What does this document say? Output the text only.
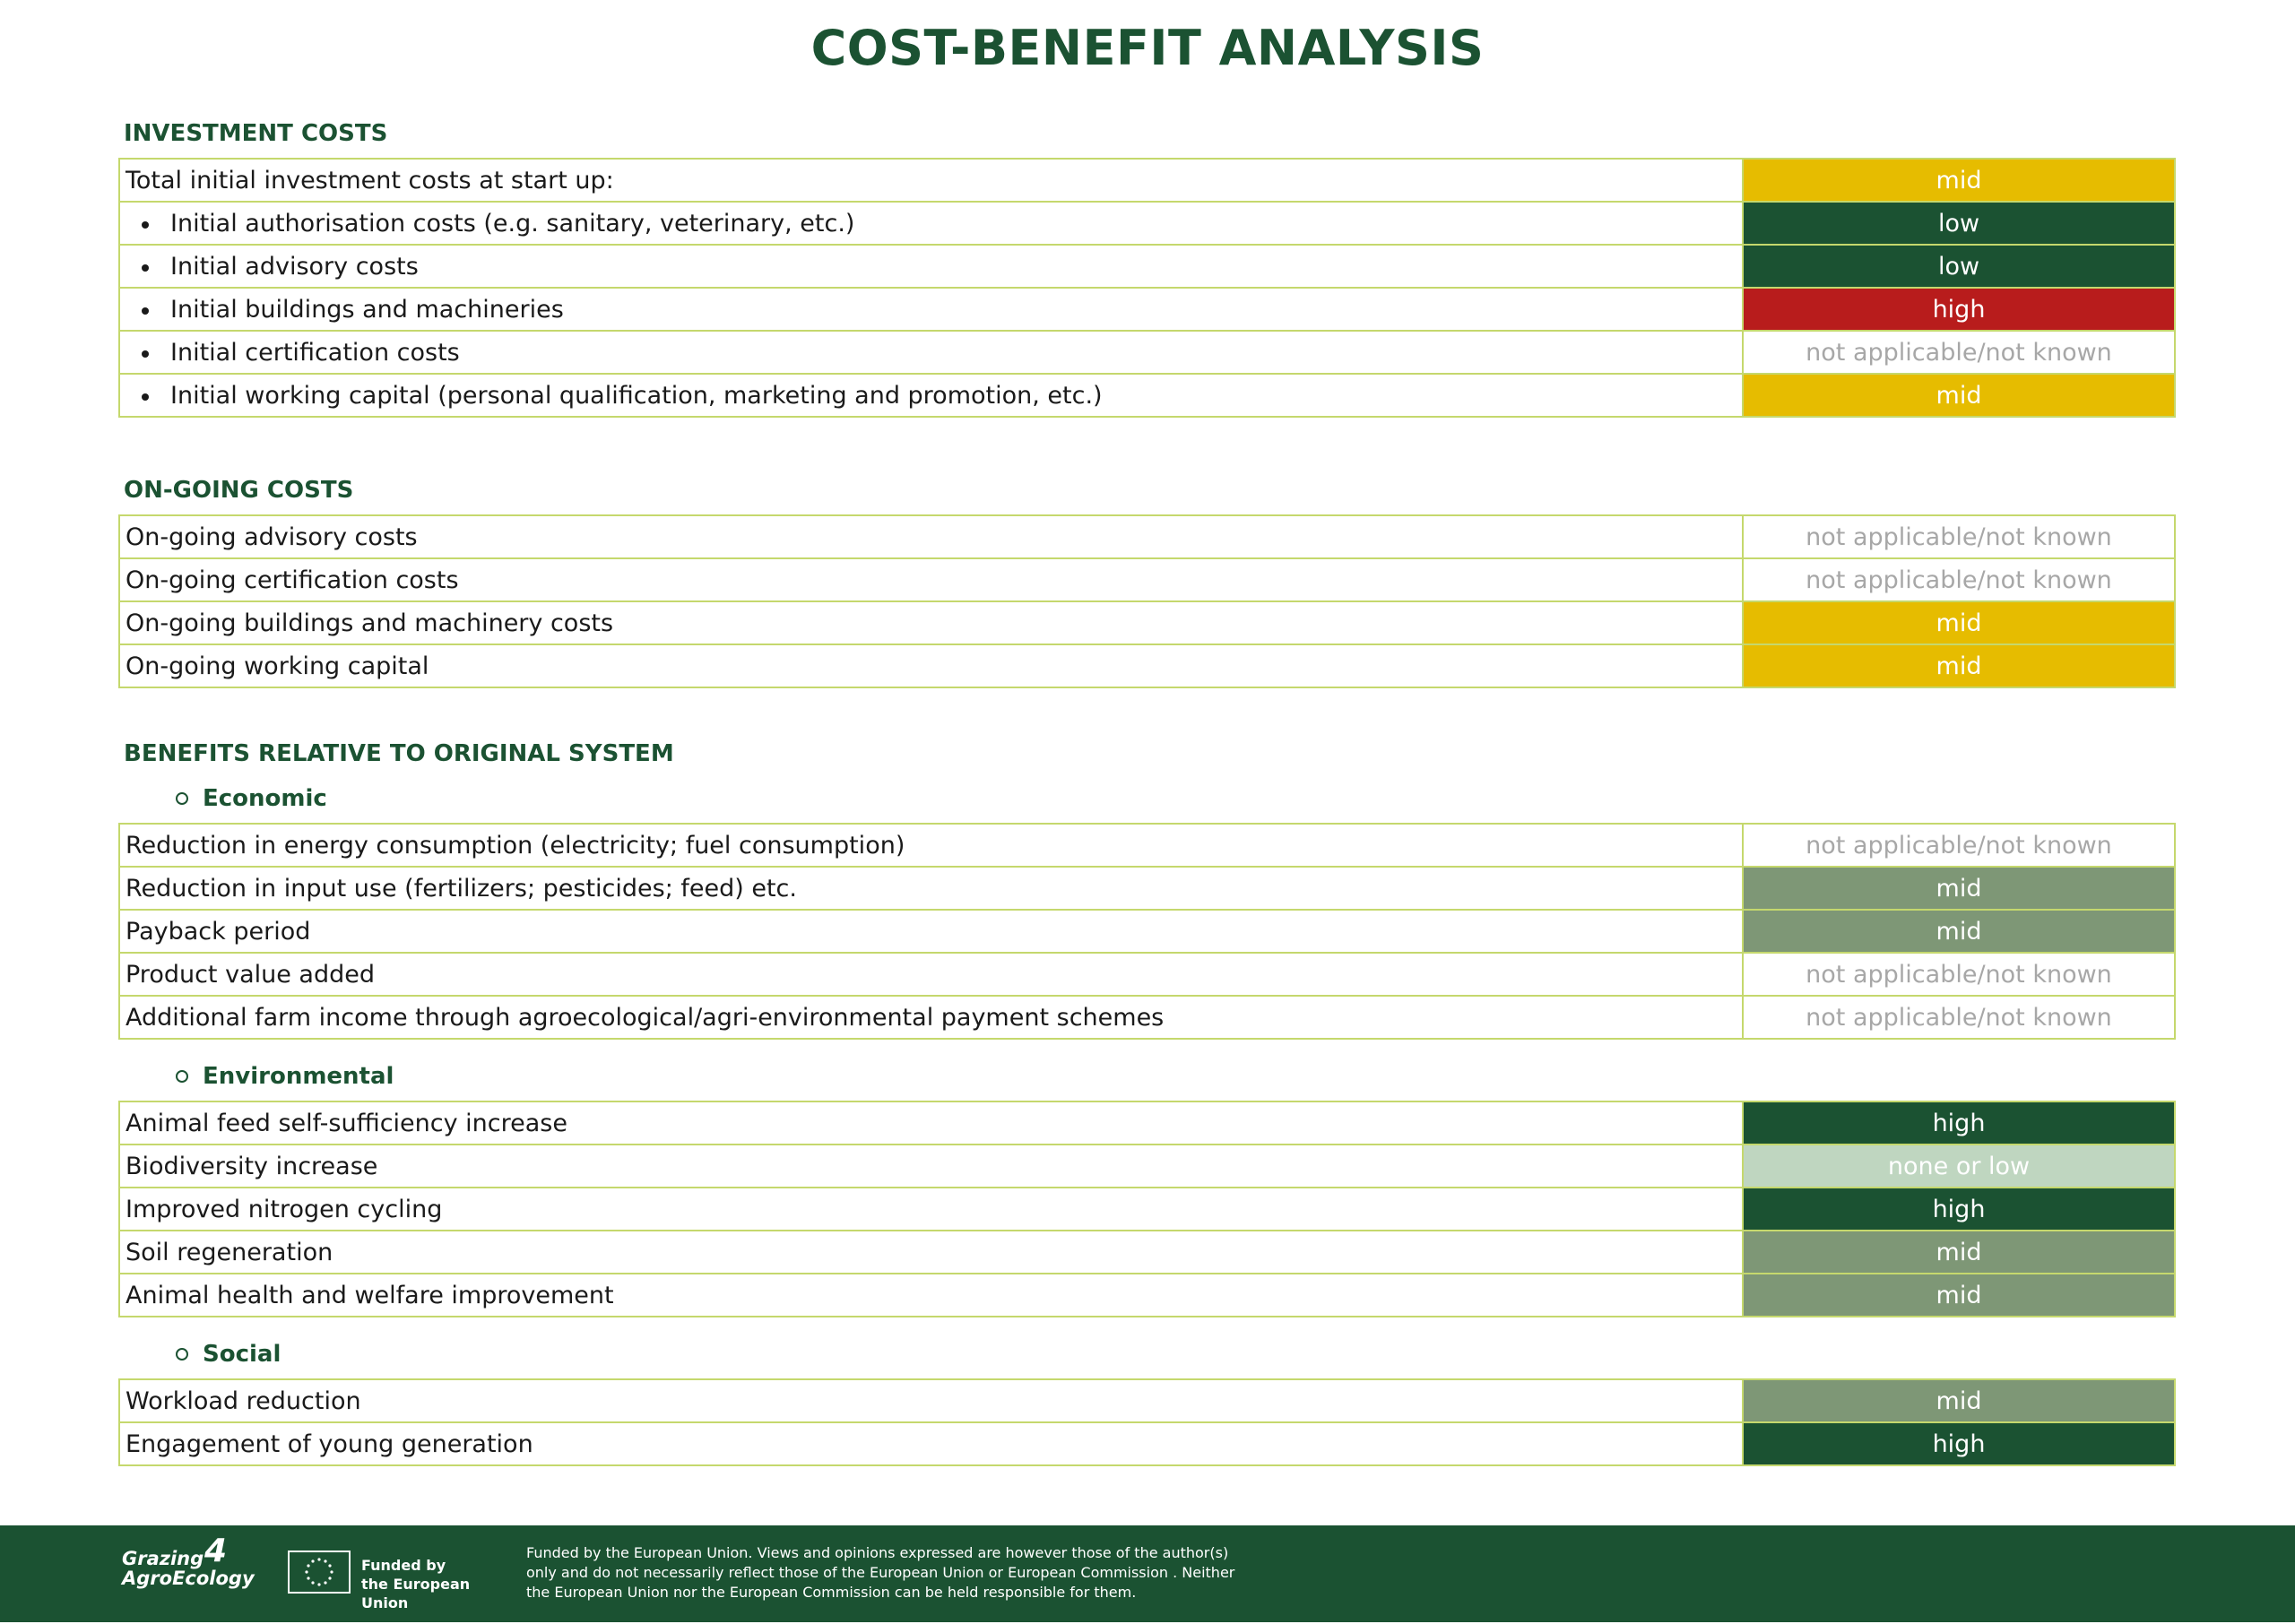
COST-BENEFIT ANALYSIS
INVESTMENT COSTS
Total initial investment costs at start up:	mid
Initial authorisation costs (e.g. sanitary, veterinary, etc.)	low
Initial advisory costs	low
Initial buildings and machineries	high
Initial certification costs	not applicable/not known
Initial working capital (personal qualification, marketing and promotion, etc.)	mid
ON-GOING COSTS
On-going advisory costs	not applicable/not known
On-going certification costs	not applicable/not known
On-going buildings and machinery costs	mid
On-going working capital	mid
BENEFITS RELATIVE TO ORIGINAL SYSTEM
Economic
Reduction in energy consumption (electricity; fuel consumption)	not applicable/not known
Reduction in input use (fertilizers; pesticides; feed) etc.	mid
Payback period	mid
Product value added	not applicable/not known
Additional farm income through agroecological/agri-environmental payment schemes	not applicable/not known
Environmental
Animal feed self-sufficiency increase	high
Biodiversity increase	none or low
Improved nitrogen cycling	high
Soil regeneration	mid
Animal health and welfare improvement	mid
Social
Workload reduction	mid
Engagement of young generation	high
Grazing
AgroEcology
4	Funded by
the European Union
Funded by the European Union. Views and opinions expressed are however those of the author(s) only and do not necessarily reflect those of the European Union or European Commission . Neither the European Union nor the European Commission can be held responsible for them.
